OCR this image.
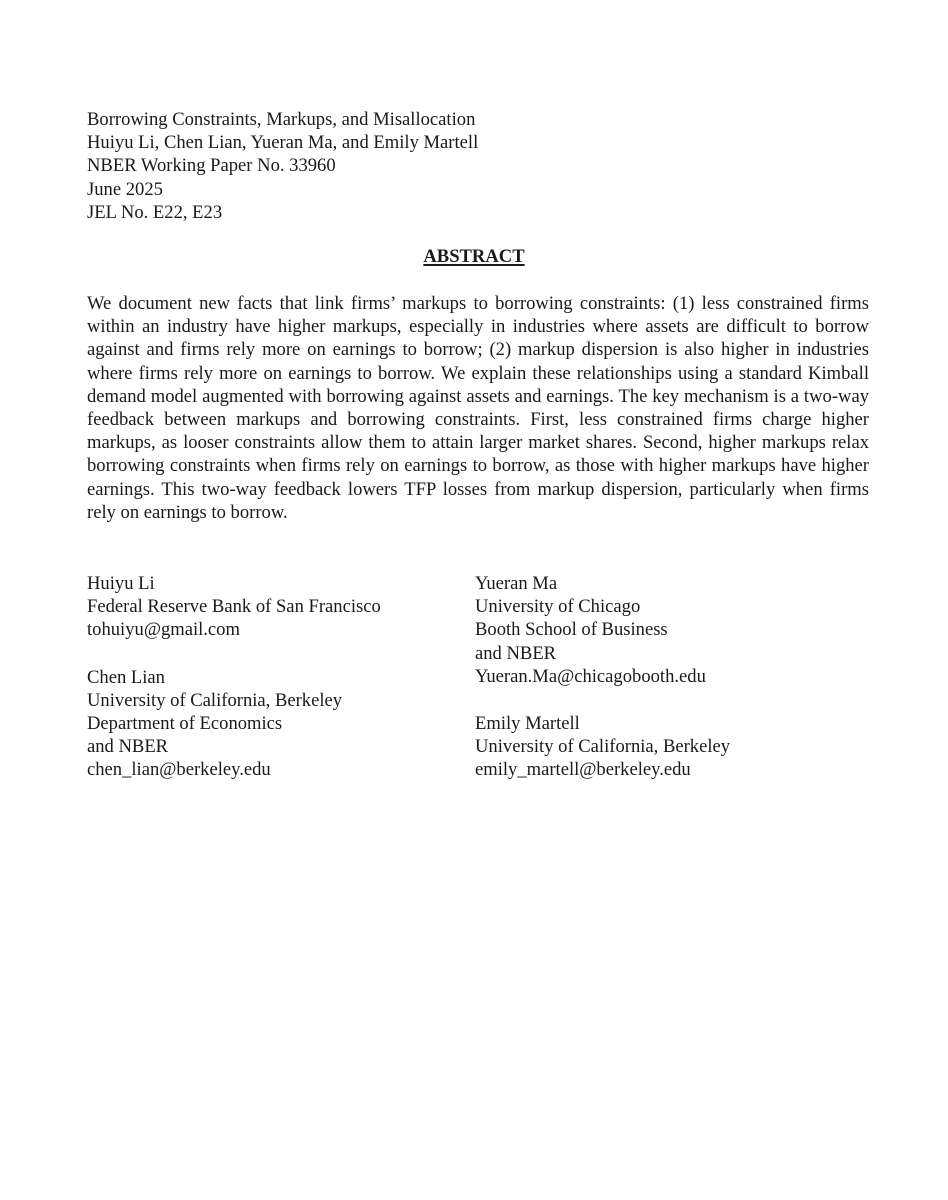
Borrowing Constraints, Markups, and Misallocation
Huiyu Li, Chen Lian, Yueran Ma, and Emily Martell
NBER Working Paper No. 33960
June 2025
JEL No. E22, E23
ABSTRACT

We document new facts that link firms’ markups to borrowing constraints: (1) less constrained firms within an industry have higher markups, especially in industries where assets are difficult to borrow against and firms rely more on earnings to borrow; (2) markup dispersion is also higher in industries where firms rely more on earnings to borrow. We explain these relationships using a standard Kimball demand model augmented with borrowing against assets and earnings. The key mechanism is a two-way feedback between markups and borrowing constraints. First, less constrained firms charge higher markups, as looser constraints allow them to attain larger market shares. Second, higher markups relax borrowing constraints when firms rely on earnings to borrow, as those with higher markups have higher earnings. This two-way feedback lowers TFP losses from markup dispersion, particularly when firms rely on earnings to borrow.

Huiyu Li
Federal Reserve Bank of San Francisco
tohuiyu@gmail.com
Chen Lian
University of California, Berkeley
Department of Economics
and NBER
chen_lian@berkeley.edu
Yueran Ma
University of Chicago
Booth School of Business
and NBER
Yueran.Ma@chicagobooth.edu
Emily Martell
University of California, Berkeley
emily_martell@berkeley.edu
